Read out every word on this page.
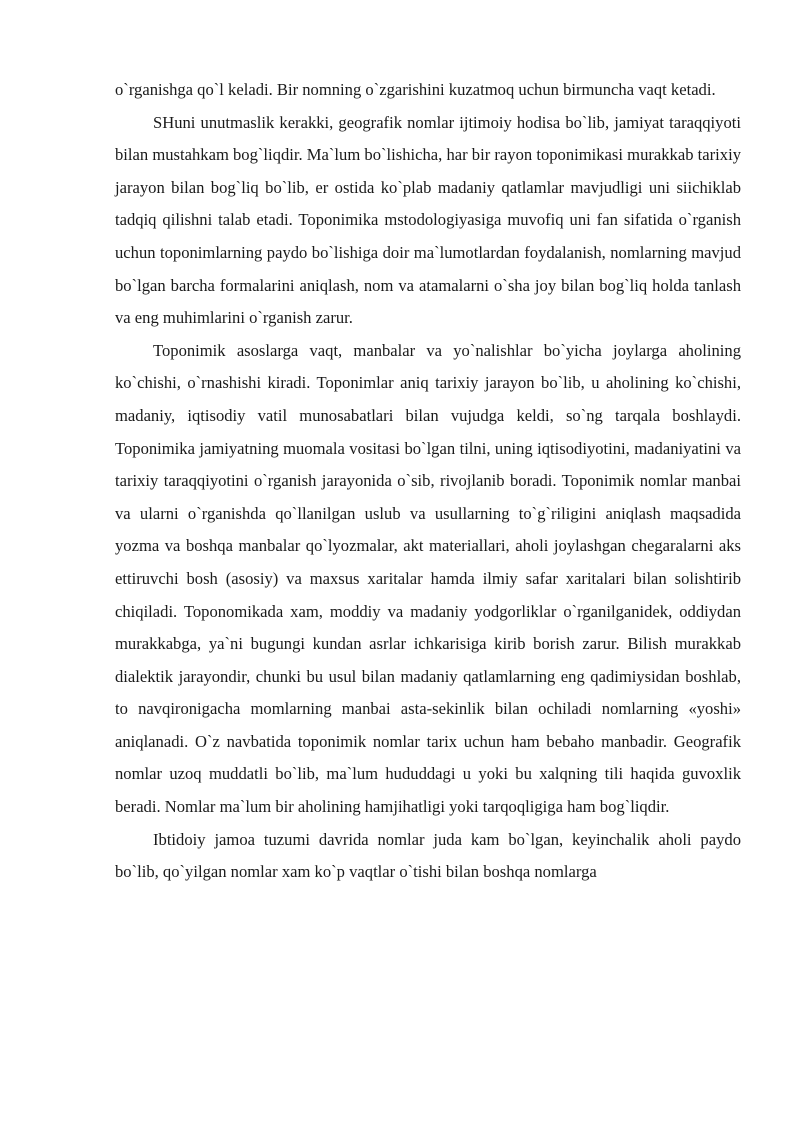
o`rganishga qo`l keladi. Bir nomning o`zgarishini kuzatmoq uchun birmuncha vaqt ketadi.

SHuni unutmaslik kerakki, geografik nomlar ijtimoiy hodisa bo`lib, jamiyat taraqqiyoti bilan mustahkam bog`liqdir. Ma`lum bo`lishicha, har bir rayon toponimikasi murakkab tarixiy jarayon bilan bog`liq bo`lib, er ostida ko`plab madaniy qatlamlar mavjudligi uni siichiklab tadqiq qilishni talab etadi. Toponimika mstodologiyasiga muvofiq uni fan sifatida o`rganish uchun toponimlarning paydo bo`lishiga doir ma`lumotlardan foydalanish, nomlarning mavjud bo`lgan barcha formalarini aniqlash, nom va atamalarni o`sha joy bilan bog`liq holda tanlash va eng muhimlarini o`rganish zarur.

Toponimik asoslarga vaqt, manbalar va yo`nalishlar bo`yicha joylarga aholining ko`chishi, o`rnashishi kiradi. Toponimlar aniq tarixiy jarayon bo`lib, u aholining ko`chishi, madaniy, iqtisodiy vatil munosabatlari bilan vujudga keldi, so`ng tarqala boshlaydi. Toponimika jamiyatning muomala vositasi bo`lgan tilni, uning iqtisodiyotini, madaniyatini va tarixiy taraqqiyotini o`rganish jarayonida o`sib, rivojlanib boradi. Toponimik nomlar manbai va ularni o`rganishda qo`llanilgan uslub va usullarning to`g`riligini aniqlash maqsadida yozma va boshqa manbalar qo`lyozmalar, akt materiallari, aholi joylashgan chegaralarni aks ettiruvchi bosh (asosiy) va maxsus xaritalar hamda ilmiy safar xaritalari bilan solishtirib chiqiladi. Toponomikada xam, moddiy va madaniy yodgorliklar o`rganilganidek, oddiydan murakkabga, ya`ni bugungi kundan asrlar ichkarisiga kirib borish zarur. Bilish murakkab dialektik jarayondir, chunki bu usul bilan madaniy qatlamlarning eng qadimiysidan boshlab, to navqironigacha momlarning manbai asta-sekinlik bilan ochiladi nomlarning «yoshi» aniqlanadi. O`z navbatida toponimik nomlar tarix uchun ham bebaho manbadir. Geografik nomlar uzoq muddatli bo`lib, ma`lum hududdagi u yoki bu xalqning tili haqida guvoxlik beradi. Nomlar ma`lum bir aholining hamjihatligi yoki tarqoqligiga ham bog`liqdir.

Ibtidoiy jamoa tuzumi davrida nomlar juda kam bo`lgan, keyinchalik aholi paydo bo`lib, qo`yilgan nomlar xam ko`p vaqtlar o`tishi bilan boshqa nomlarga
